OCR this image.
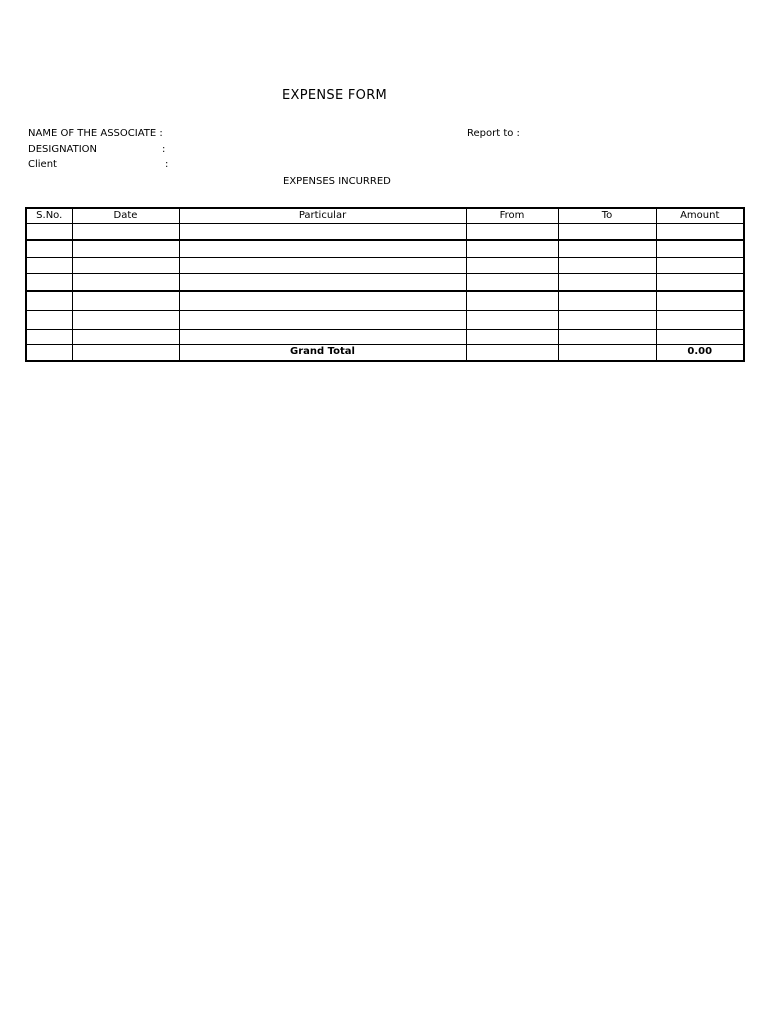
EXPENSE FORM
NAME OF THE ASSOCIATE :	Report to :
DESIGNATION	:
Client	:
EXPENSES INCURRED
S.No.	Date	Particular	From	To	Amount

		Grand Total			0.00
